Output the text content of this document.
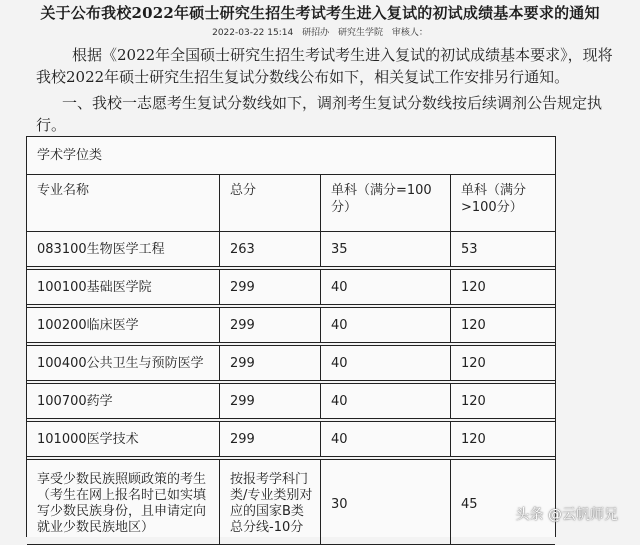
关于公布我校2022年硕士研究生招生考试考生进入复试的初试成绩基本要求的通知
2022-03-22 15:14 研招办 研究生学院 审核人：
根据《2022年全国硕士研究生招生考试考生进入复试的初试成绩基本要求》，现将我校2022年硕士研究生招生复试分数线公布如下，相关复试工作安排另行通知。
一、我校一志愿考生复试分数线如下，调剂考生复试分数线按后续调剂公告规定执行。
学术学位类			
专业名称	总分	单科（满分=100分）	单科（满分>100分）
083100生物医学工程	263	35	53

100100基础医学院	299	40	120

100200临床医学	299	40	120

100400公共卫生与预防医学	299	40	120

100700药学	299	40	120

101000医学技术	299	40	120

享受少数民族照顾政策的考生（考生在网上报名时已如实填写少数民族身份，且申请定向就业少数民族地区）	按报考学科门类/专业类别对应的国家B类总分线-10分	30	45
头条 @云帆师兄
